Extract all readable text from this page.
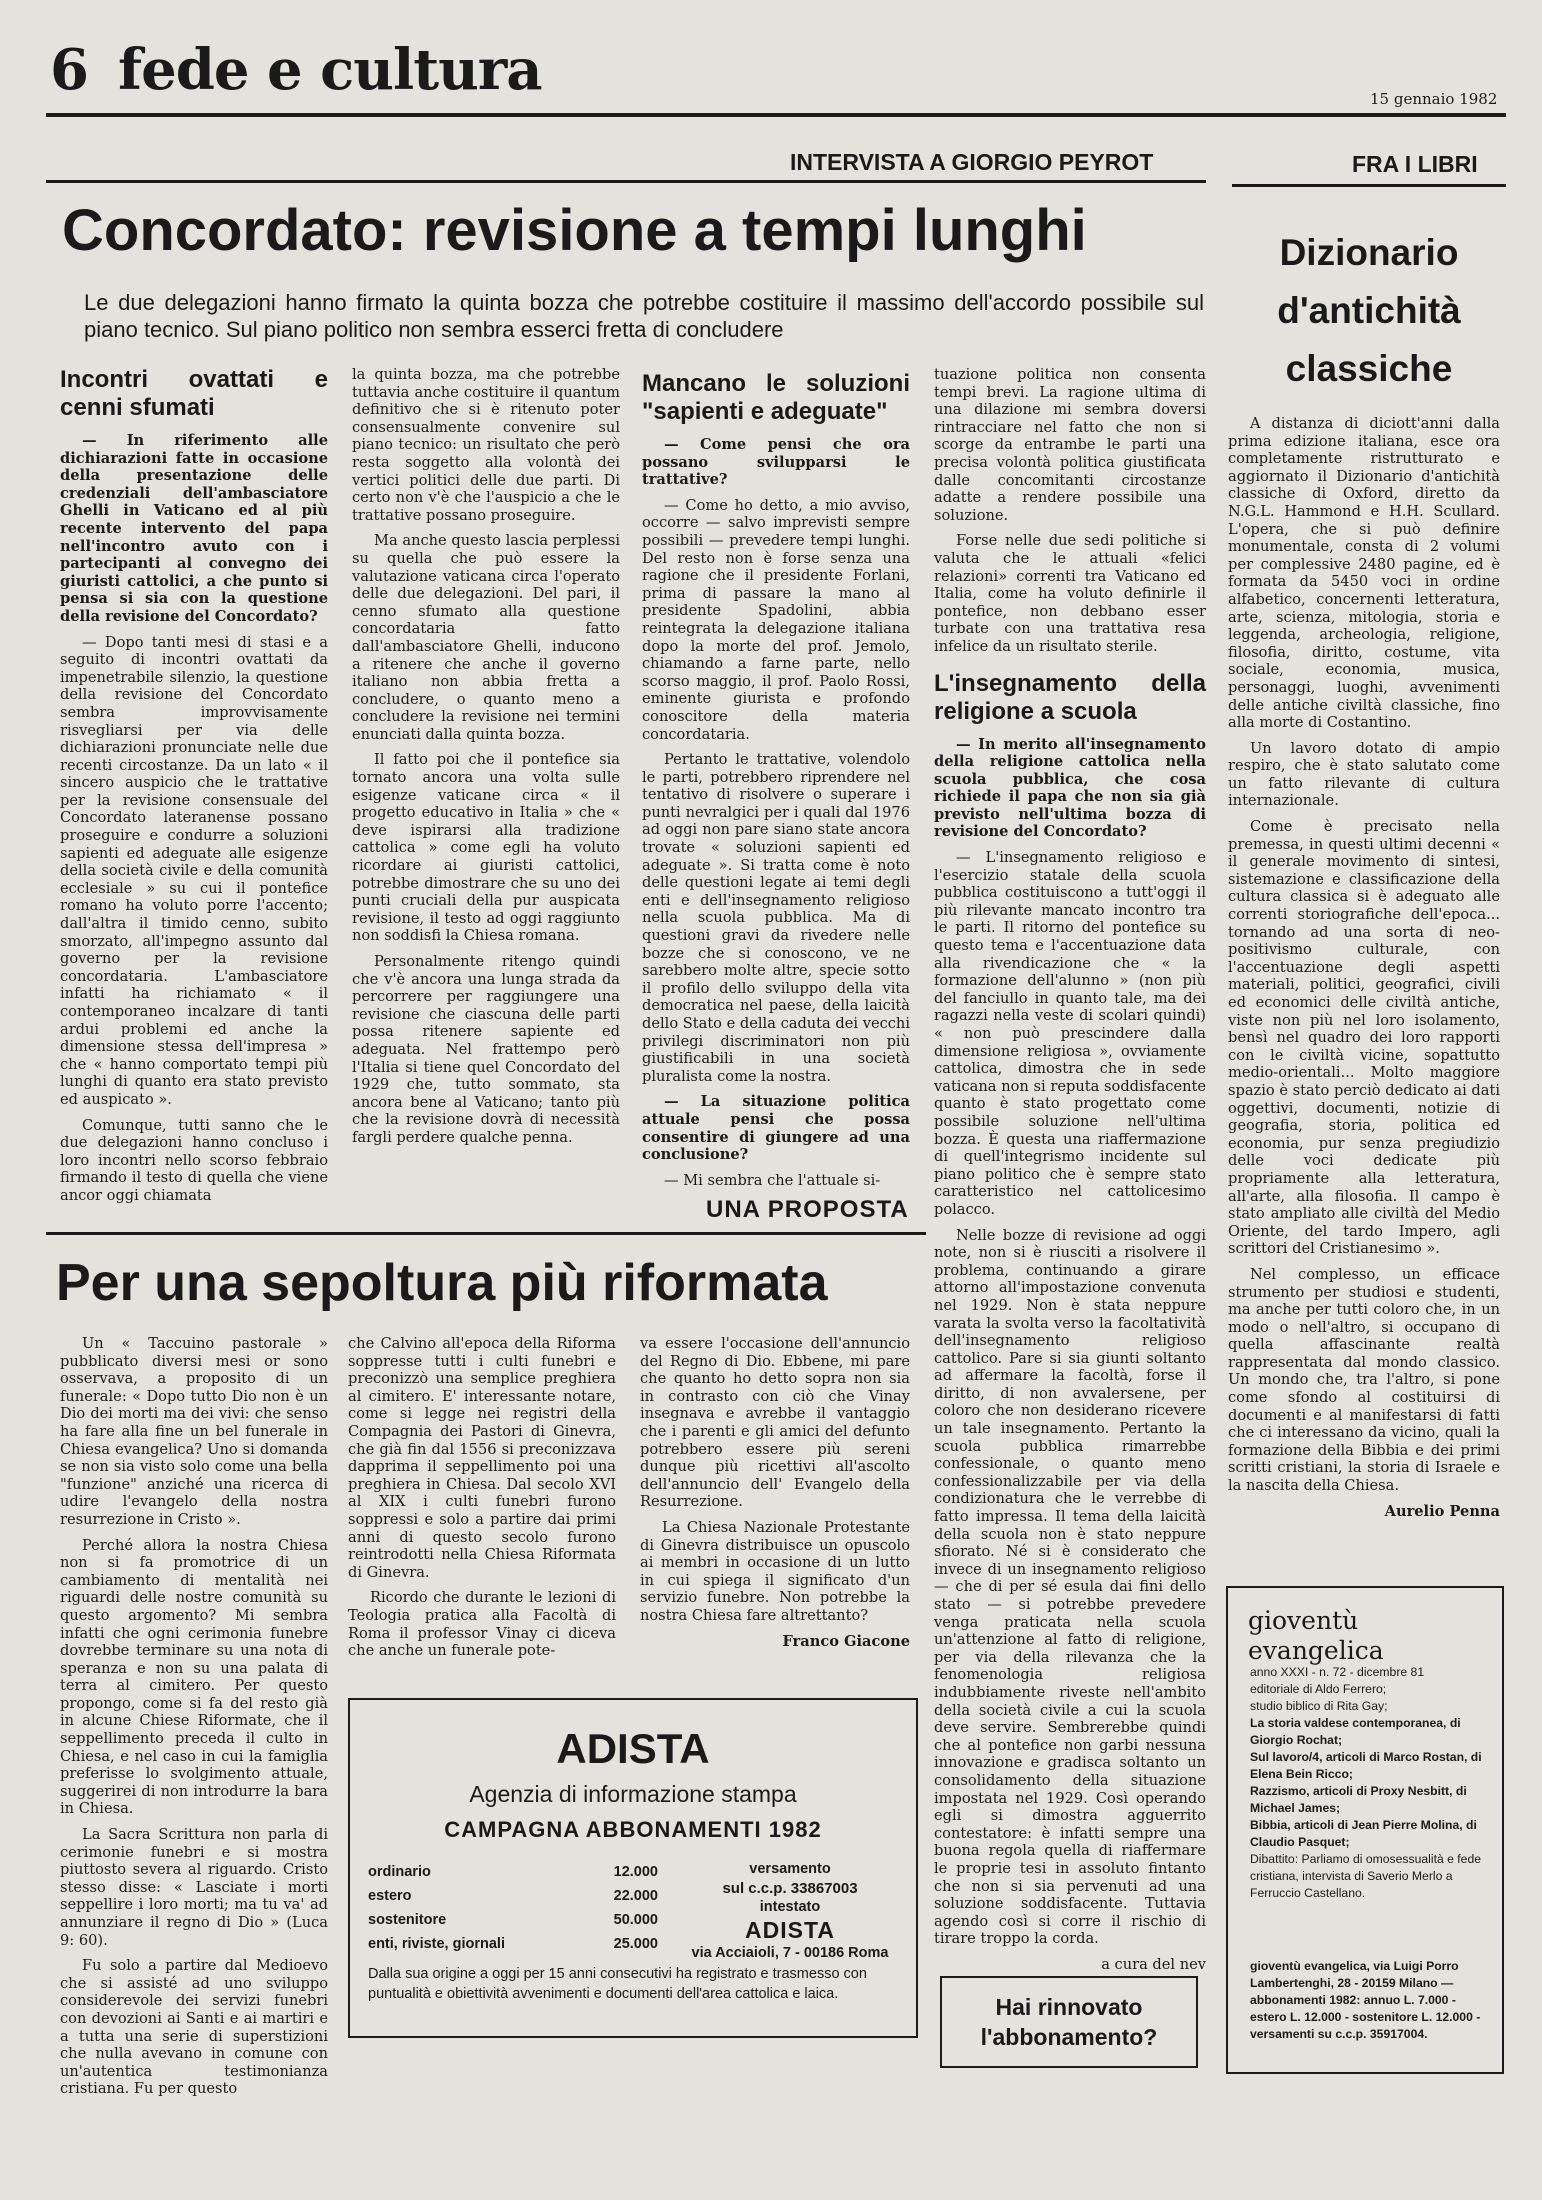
6 fede e cultura	15 gennaio 1982
INTERVISTA A GIORGIO PEYROT
Concordato: revisione a tempi lunghi
Le due delegazioni hanno firmato la quinta bozza che potrebbe costituire il massimo dell'accordo possibile sul piano tecnico. Sul piano politico non sembra esserci fretta di concludere
Incontri ovattati e cenni sfumati

— In riferimento alle dichiarazioni fatte in occasione della presentazione delle credenziali dell'ambasciatore Ghelli in Vaticano ed al più recente intervento del papa nell'incontro avuto con i partecipanti al convegno dei giuristi cattolici, a che punto si pensa si sia con la questione della revisione del Concordato?

— Dopo tanti mesi di stasi e a seguito di incontri ovattati da impenetrabile silenzio, la questione della revisione del Concordato sembra improvvisamente risvegliarsi per via delle dichiarazioni pronunciate nelle due recenti circostanze. Da un lato « il sincero auspicio che le trattative per la revisione consensuale del Concordato lateranense possano proseguire e condurre a soluzioni sapienti ed adeguate alle esigenze della società civile e della comunità ecclesiale » su cui il pontefice romano ha voluto porre l'accento; dall'altra il timido cenno, subito smorzato, all'impegno assunto dal governo per la revisione concordataria. L'ambasciatore infatti ha richiamato « il contemporaneo incalzare di tanti ardui problemi ed anche la dimensione stessa dell'impresa » che « hanno comportato tempi più lunghi di quanto era stato previsto ed auspicato ».

Comunque, tutti sanno che le due delegazioni hanno concluso i loro incontri nello scorso febbraio firmando il testo di quella che viene ancor oggi chiamata

la quinta bozza, ma che potrebbe tuttavia anche costituire il quantum definitivo che si è ritenuto poter consensualmente convenire sul piano tecnico: un risultato che però resta soggetto alla volontà dei vertici politici delle due parti. Di certo non v'è che l'auspicio a che le trattative possano proseguire.

Ma anche questo lascia perplessi su quella che può essere la valutazione vaticana circa l'operato delle due delegazioni. Del pari, il cenno sfumato alla questione concordataria fatto dall'ambasciatore Ghelli, inducono a ritenere che anche il governo italiano non abbia fretta a concludere, o quanto meno a concludere la revisione nei termini enunciati dalla quinta bozza.

Il fatto poi che il pontefice sia tornato ancora una volta sulle esigenze vaticane circa « il progetto educativo in Italia » che « deve ispirarsi alla tradizione cattolica » come egli ha voluto ricordare ai giuristi cattolici, potrebbe dimostrare che su uno dei punti cruciali della pur auspicata revisione, il testo ad oggi raggiunto non soddisfi la Chiesa romana.

Personalmente ritengo quindi che v'è ancora una lunga strada da percorrere per raggiungere una revisione che ciascuna delle parti possa ritenere sapiente ed adeguata. Nel frattempo però l'Italia si tiene quel Concordato del 1929 che, tutto sommato, sta ancora bene al Vaticano; tanto più che la revisione dovrà di necessità fargli perdere qualche penna.

Mancano le soluzioni "sapienti e adeguate"

— Come pensi che ora possano svilupparsi le trattative?

— Come ho detto, a mio avviso, occorre — salvo imprevisti sempre possibili — prevedere tempi lunghi. Del resto non è forse senza una ragione che il presidente Forlani, prima di passare la mano al presidente Spadolini, abbia reintegrata la delegazione italiana dopo la morte del prof. Jemolo, chiamando a farne parte, nello scorso maggio, il prof. Paolo Rossi, eminente giurista e profondo conoscitore della materia concordataria.

Pertanto le trattative, volendolo le parti, potrebbero riprendere nel tentativo di risolvere o superare i punti nevralgici per i quali dal 1976 ad oggi non pare siano state ancora trovate « soluzioni sapienti ed adeguate ». Si tratta come è noto delle questioni legate ai temi degli enti e dell'insegnamento religioso nella scuola pubblica. Ma di questioni gravi da rivedere nelle bozze che si conoscono, ve ne sarebbero molte altre, specie sotto il profilo dello sviluppo della vita democratica nel paese, della laicità dello Stato e della caduta dei vecchi privilegi discriminatori non più giustificabili in una società pluralista come la nostra.

— La situazione politica attuale pensi che possa consentire di giungere ad una conclusione?

— Mi sembra che l'attuale si-

tuazione politica non consenta tempi brevi. La ragione ultima di una dilazione mi sembra doversi rintracciare nel fatto che non si scorge da entrambe le parti una precisa volontà politica giustificata dalle concomitanti circostanze adatte a rendere possibile una soluzione.

Forse nelle due sedi politiche si valuta che le attuali «felici relazioni» correnti tra Vaticano ed Italia, come ha voluto definirle il pontefice, non debbano esser turbate con una trattativa resa infelice da un risultato sterile.

L'insegnamento della religione a scuola

— In merito all'insegnamento della religione cattolica nella scuola pubblica, che cosa richiede il papa che non sia già previsto nell'ultima bozza di revisione del Concordato?

— L'insegnamento religioso e l'esercizio statale della scuola pubblica costituiscono a tutt'oggi il più rilevante mancato incontro tra le parti. Il ritorno del pontefice su questo tema e l'accentuazione data alla rivendicazione che « la formazione dell'alunno » (non più del fanciullo in quanto tale, ma dei ragazzi nella veste di scolari quindi) « non può prescindere dalla dimensione religiosa », ovviamente cattolica, dimostra che in sede vaticana non si reputa soddisfacente quanto è stato progettato come possibile soluzione nell'ultima bozza. È questa una riaffermazione di quell'integrismo incidente sul piano politico che è sempre stato caratteristico nel cattolicesimo polacco.

Nelle bozze di revisione ad oggi note, non si è riusciti a risolvere il problema, continuando a girare attorno all'impostazione convenuta nel 1929. Non è stata neppure varata la svolta verso la facoltatività dell'insegnamento religioso cattolico. Pare si sia giunti soltanto ad affermare la facoltà, forse il diritto, di non avvalersene, per coloro che non desiderano ricevere un tale insegnamento. Pertanto la scuola pubblica rimarrebbe confessionale, o quanto meno confessionalizzabile per via della condizionatura che le verrebbe di fatto impressa. Il tema della laicità della scuola non è stato neppure sfiorato. Né si è considerato che invece di un insegnamento religioso — che di per sé esula dai fini dello stato — si potrebbe prevedere venga praticata nella scuola un'attenzione al fatto di religione, per via della rilevanza che la fenomenologia religiosa indubbiamente riveste nell'ambito della società civile a cui la scuola deve servire. Sembrerebbe quindi che al pontefice non garbi nessuna innovazione e gradisca soltanto un consolidamento della situazione impostata nel 1929. Così operando egli si dimostra agguerrito contestatore: è infatti sempre una buona regola quella di riaffermare le proprie tesi in assoluto fintanto che non si sia pervenuti ad una soluzione soddisfacente. Tuttavia agendo così si corre il rischio di tirare troppo la corda.

a cura del nev

FRA I LIBRI
Dizionario
d'antichità
classiche

A distanza di diciott'anni dalla prima edizione italiana, esce ora completamente ristrutturato e aggiornato il Dizionario d'antichità classiche di Oxford, diretto da N.G.L. Hammond e H.H. Scullard. L'opera, che si può definire monumentale, consta di 2 volumi per complessive 2480 pagine, ed è formata da 5450 voci in ordine alfabetico, concernenti letteratura, arte, scienza, mitologia, storia e leggenda, archeologia, religione, filosofia, diritto, costume, vita sociale, economia, musica, personaggi, luoghi, avvenimenti delle antiche civiltà classiche, fino alla morte di Costantino.

Un lavoro dotato di ampio respiro, che è stato salutato come un fatto rilevante di cultura internazionale.

Come è precisato nella premessa, in questi ultimi decenni « il generale movimento di sintesi, sistemazione e classificazione della cultura classica si è adeguato alle correnti storiografiche dell'epoca... tornando ad una sorta di neo-positivismo culturale, con l'accentuazione degli aspetti materiali, politici, geografici, civili ed economici delle civiltà antiche, viste non più nel loro isolamento, bensì nel quadro dei loro rapporti con le civiltà vicine, sopattutto medio-orientali... Molto maggiore spazio è stato perciò dedicato ai dati oggettivi, documenti, notizie di geografia, storia, politica ed economia, pur senza pregiudizio delle voci dedicate più propriamente alla letteratura, all'arte, alla filosofia. Il campo è stato ampliato alle civiltà del Medio Oriente, del tardo Impero, agli scrittori del Cristianesimo ».

Nel complesso, un efficace strumento per studiosi e studenti, ma anche per tutti coloro che, in un modo o nell'altro, si occupano di quella affascinante realtà rappresentata dal mondo classico. Un mondo che, tra l'altro, si pone come sfondo al costituirsi di documenti e al manifestarsi di fatti che ci interessano da vicino, quali la formazione della Bibbia e dei primi scritti cristiani, la storia di Israele e la nascita della Chiesa.

Aurelio Penna

UNA PROPOSTA
Per una sepoltura più riformata

Un « Taccuino pastorale » pubblicato diversi mesi or sono osservava, a proposito di un funerale: « Dopo tutto Dio non è un Dio dei morti ma dei vivi: che senso ha fare alla fine un bel funerale in Chiesa evangelica? Uno si domanda se non sia visto solo come una bella "funzione" anziché una ricerca di udire l'evangelo della nostra resurrezione in Cristo ».

Perché allora la nostra Chiesa non si fa promotrice di un cambiamento di mentalità nei riguardi delle nostre comunità su questo argomento? Mi sembra infatti che ogni cerimonia funebre dovrebbe terminare su una nota di speranza e non su una palata di terra al cimitero. Per questo propongo, come si fa del resto già in alcune Chiese Riformate, che il seppellimento preceda il culto in Chiesa, e nel caso in cui la famiglia preferisse lo svolgimento attuale, suggerirei di non introdurre la bara in Chiesa.

La Sacra Scrittura non parla di cerimonie funebri e si mostra piuttosto severa al riguardo. Cristo stesso disse: « Lasciate i morti seppellire i loro morti; ma tu va' ad annunziare il regno di Dio » (Luca 9: 60).

Fu solo a partire dal Medioevo che si assisté ad uno sviluppo considerevole dei servizi funebri con devozioni ai Santi e ai martiri e a tutta una serie di superstizioni che nulla avevano in comune con un'autentica testimonianza cristiana. Fu per questo

che Calvino all'epoca della Riforma soppresse tutti i culti funebri e preconizzò una semplice preghiera al cimitero. E' interessante notare, come si legge nei registri della Compagnia dei Pastori di Ginevra, che già fin dal 1556 si preconizzava dapprima il seppellimento poi una preghiera in Chiesa. Dal secolo XVI al XIX i culti funebri furono soppressi e solo a partire dai primi anni di questo secolo furono reintrodotti nella Chiesa Riformata di Ginevra.

Ricordo che durante le lezioni di Teologia pratica alla Facoltà di Roma il professor Vinay ci diceva che anche un funerale pote-

va essere l'occasione dell'annuncio del Regno di Dio. Ebbene, mi pare che quanto ho detto sopra non sia in contrasto con ciò che Vinay insegnava e avrebbe il vantaggio che i parenti e gli amici del defunto potrebbero essere più sereni dunque più ricettivi all'ascolto dell'annuncio dell' Evangelo della Resurrezione.

La Chiesa Nazionale Protestante di Ginevra distribuisce un opuscolo ai membri in occasione di un lutto in cui spiega il significato d'un servizio funebre. Non potrebbe la nostra Chiesa fare altrettanto?

Franco Giacone

ADISTA
Agenzia di informazione stampa
CAMPAGNA ABBONAMENTI 1982
ordinario	12.000
estero	22.000
sostenitore	50.000
enti, riviste, giornali	25.000
versamento
sul c.c.p. 33867003
intestato
ADISTA
via Acciaioli, 7 - 00186 Roma
Dalla sua origine a oggi per 15 anni consecutivi ha registrato e trasmesso con puntualità e obiettività avvenimenti e documenti dell'area cattolica e laica.	Hai rinnovato
l'abbonamento?
gioventù evangelica
anno XXXI - n. 72 - dicembre 81
editoriale di Aldo Ferrero;
studio biblico di Rita Gay;
La storia valdese contemporanea, di Giorgio Rochat;
Sul lavoro/4, articoli di Marco Rostan, di Elena Bein Ricco;
Razzismo, articoli di Proxy Nesbitt, di Michael James;
Bibbia, articoli di Jean Pierre Molina, di Claudio Pasquet;
Dibattito: Parliamo di omosessualità e fede cristiana, intervista di Saverio Merlo a Ferruccio Castellano.
gioventù evangelica, via Luigi Porro Lambertenghi, 28 - 20159 Milano — abbonamenti 1982: annuo L. 7.000 - estero L. 12.000 - sostenitore L. 12.000 - versamenti su c.c.p. 35917004.
